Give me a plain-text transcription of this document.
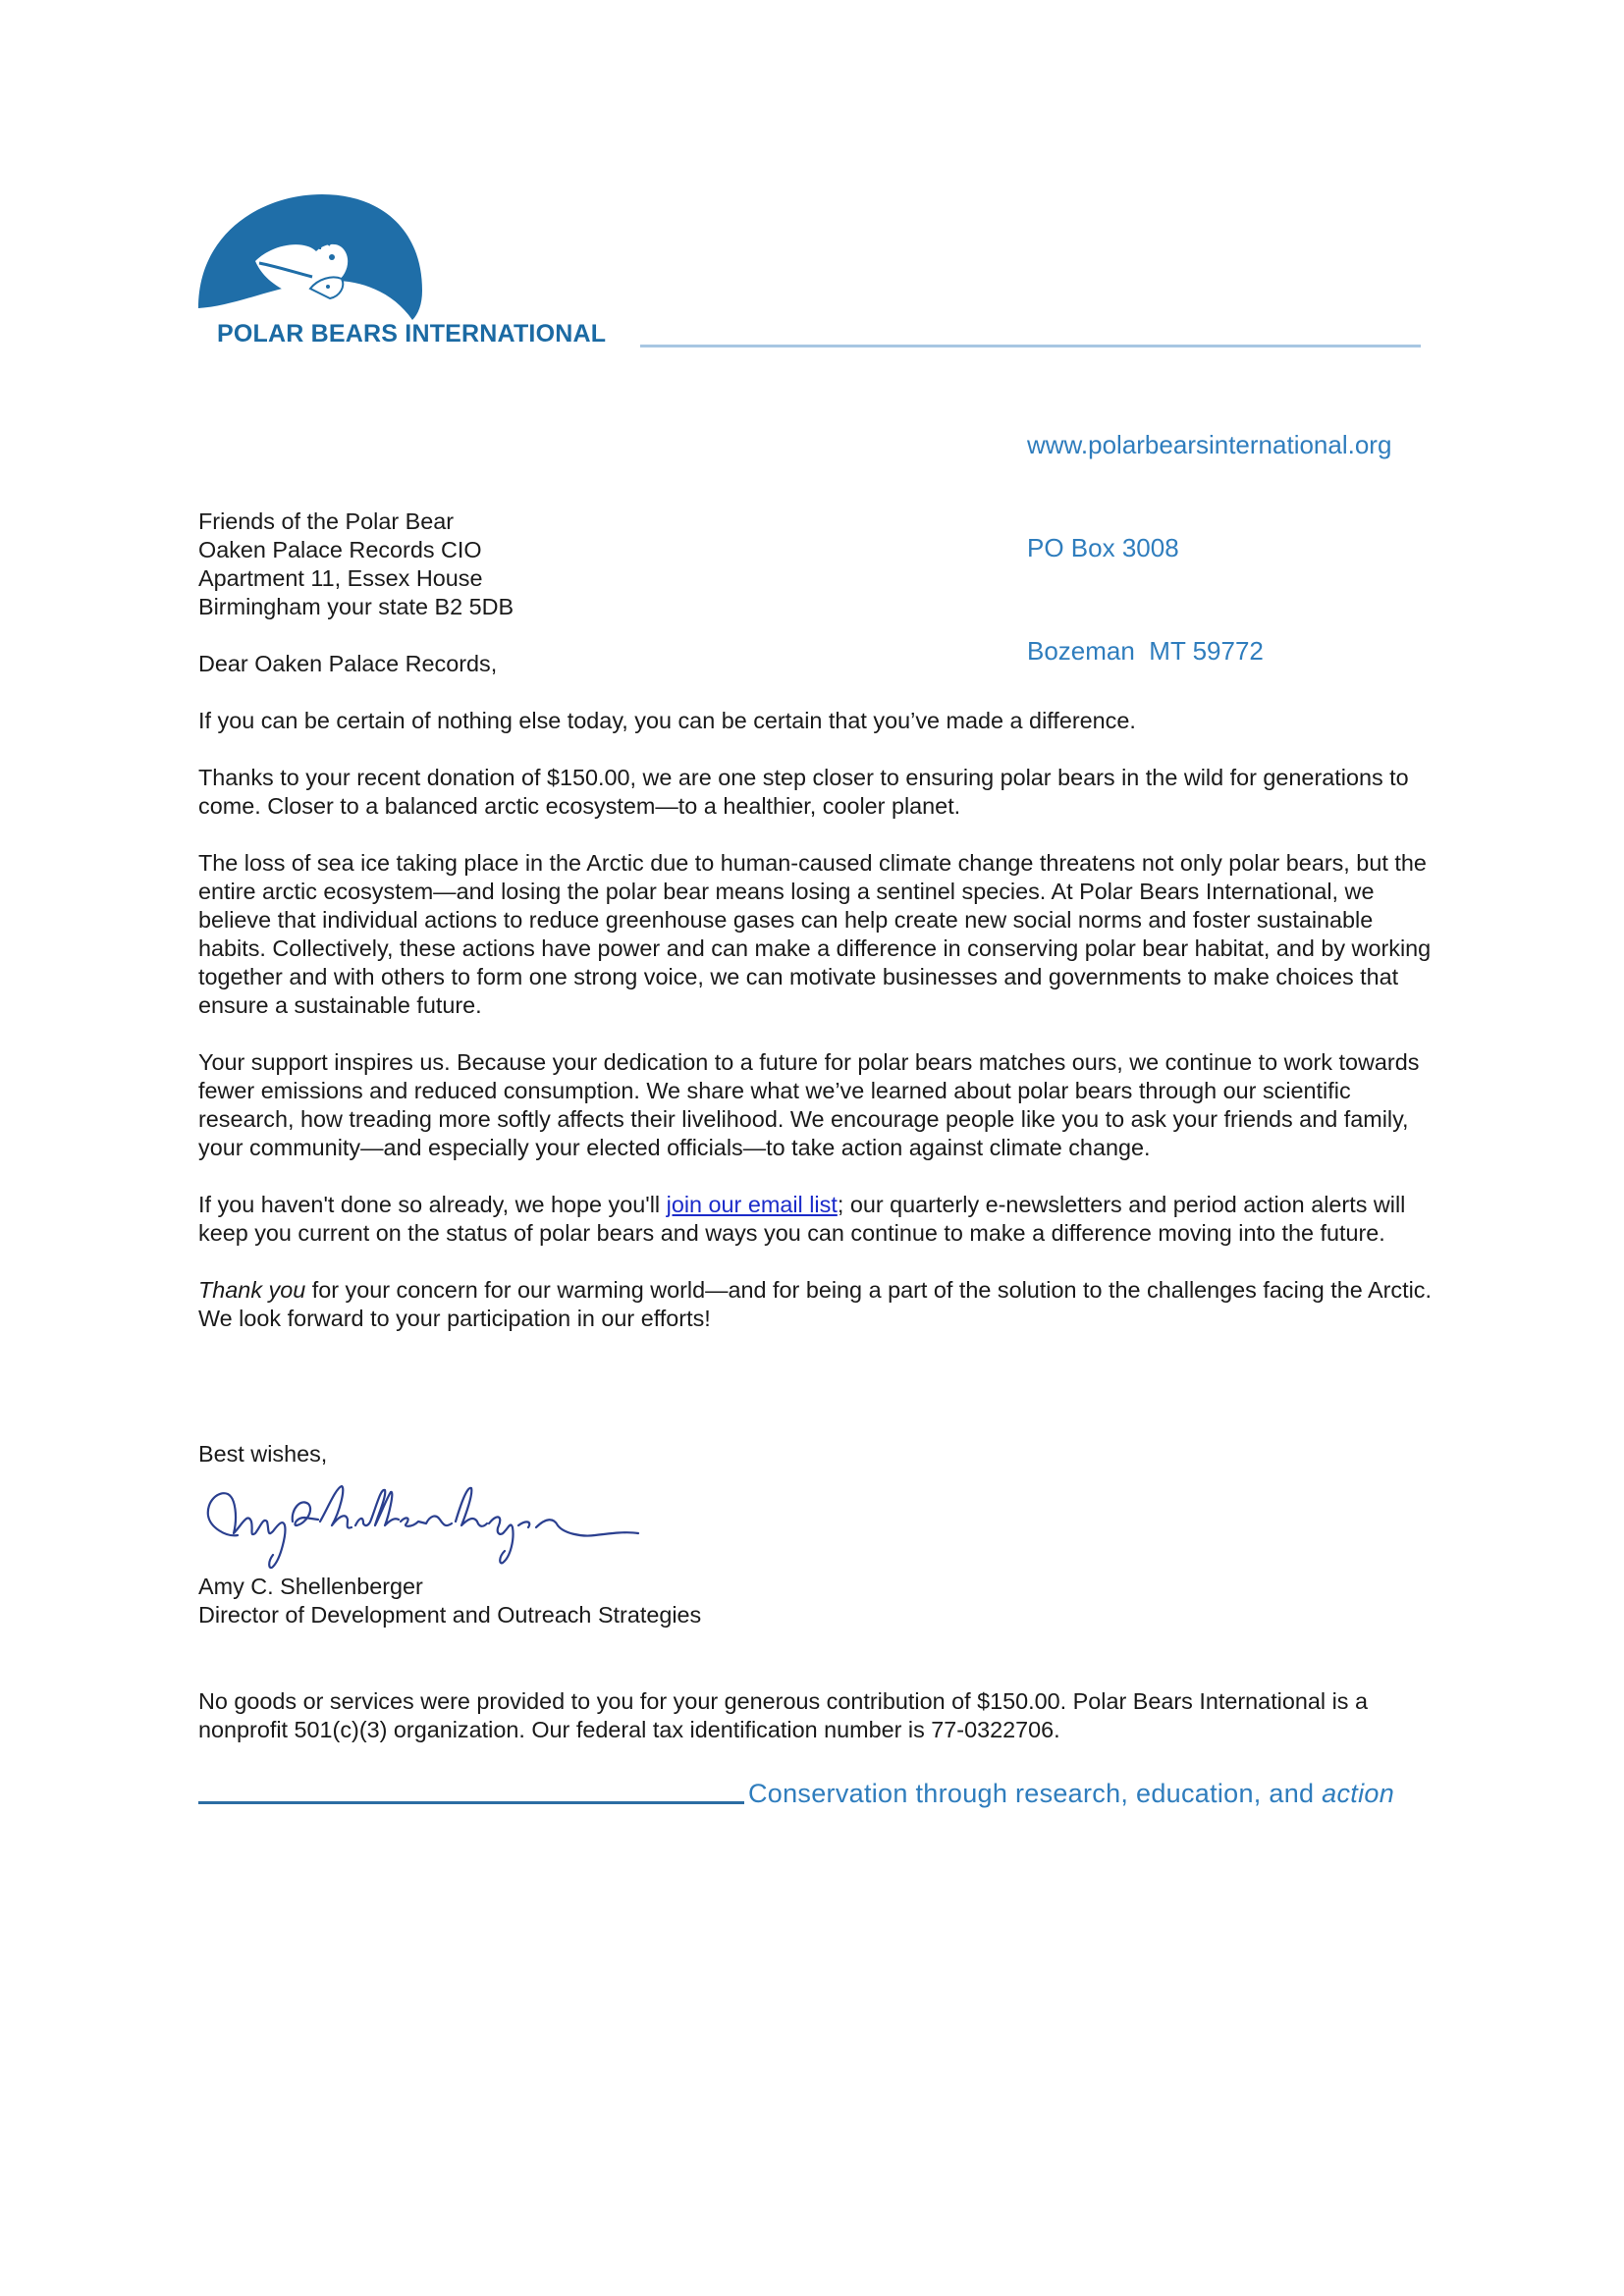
POLAR BEARS INTERNATIONAL

www.polarbearsinternational.org

PO Box 3008

Bozeman  MT 59772

Friends of the Polar Bear
Oaken Palace Records CIO
Apartment 11, Essex House
Birmingham your state B2 5DB

Dear Oaken Palace Records,

If you can be certain of nothing else today, you can be certain that you’ve made a difference.

Thanks to your recent donation of $150.00, we are one step closer to ensuring polar bears in the wild for generations to come. Closer to a balanced arctic ecosystem—to a healthier, cooler planet.

The loss of sea ice taking place in the Arctic due to human-caused climate change threatens not only polar bears, but the entire arctic ecosystem—and losing the polar bear means losing a sentinel species. At Polar Bears International, we believe that individual actions to reduce greenhouse gases can help create new social norms and foster sustainable habits. Collectively, these actions have power and can make a difference in conserving polar bear habitat, and by working together and with others to form one strong voice, we can motivate businesses and governments to make choices that ensure a sustainable future.

Your support inspires us. Because your dedication to a future for polar bears matches ours, we continue to work towards fewer emissions and reduced consumption. We share what we’ve learned about polar bears through our scientific research, how treading more softly affects their livelihood. We encourage people like you to ask your friends and family, your community—and especially your elected officials—to take action against climate change.

If you haven't done so already, we hope you'll join our email list; our quarterly e-newsletters and period action alerts will keep you current on the status of polar bears and ways you can continue to make a difference moving into the future.

Thank you for your concern for our warming world—and for being a part of the solution to the challenges facing the Arctic. We look forward to your participation in our efforts!

Best wishes,
Amy C. Shellenberger
Director of Development and Outreach Strategies
No goods or services were provided to you for your generous contribution of $150.00. Polar Bears International is a nonprofit 501(c)(3) organization. Our federal tax identification number is 77-0322706.
Conservation through research, education, and action
